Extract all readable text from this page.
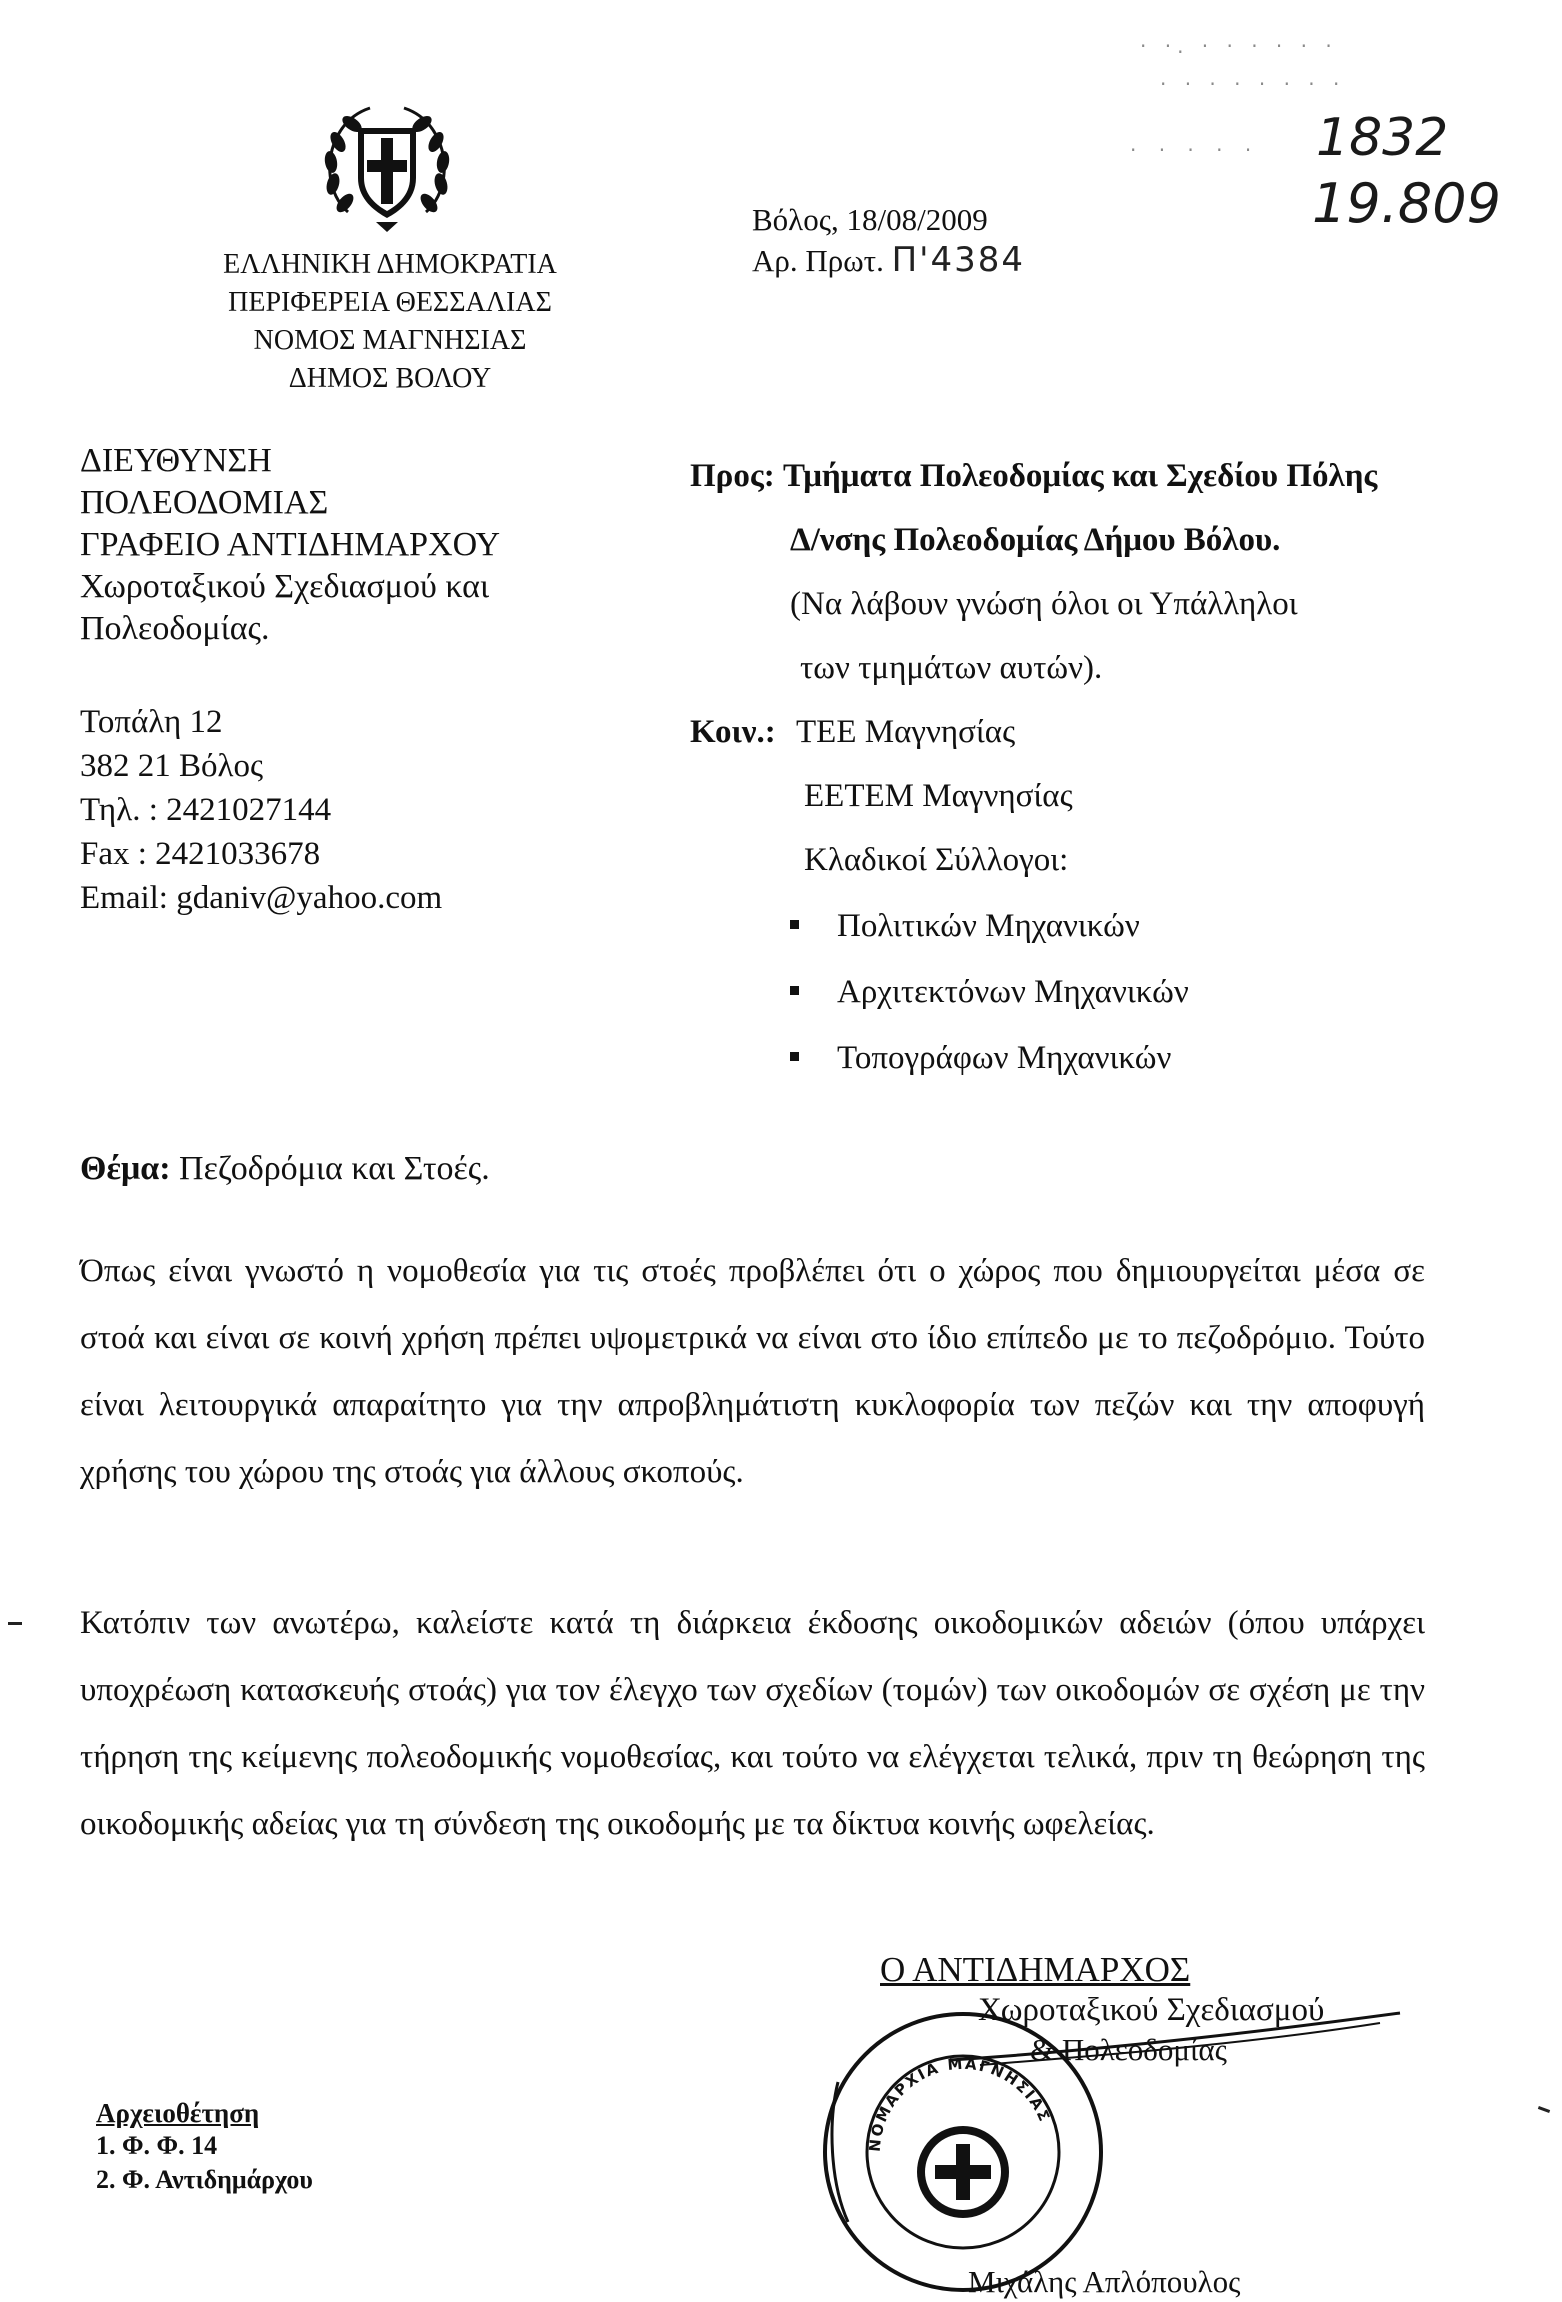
ΕΛΛΗΝΙΚΗ ΔΗΜΟΚΡΑΤΙΑ
ΠΕΡΙΦΕΡΕΙΑ ΘΕΣΣΑΛΙΑΣ
ΝΟΜΟΣ ΜΑΓΝΗΣΙΑΣ
ΔΗΜΟΣ ΒΟΛΟΥ
Βόλος, 18/08/2009
Αρ. Πρωτ. Π'4384
· ·. · · · · · ·
· · · · · · · ·
· · · · · 1832
19.809
ΔΙΕΥΘΥΝΣΗ
ΠΟΛΕΟΔΟΜΙΑΣ
ΓΡΑΦΕΙΟ ΑΝΤΙΔΗΜΑΡΧΟΥ
Χωροταξικού Σχεδιασμού και
Πολεοδομίας.
Τοπάλη 12
382 21 Βόλος
Τηλ. : 2421027144
Fax : 2421033678
Email: gdaniv@yahoo.com
Προς: Τμήματα Πολεοδομίας και Σχεδίου Πόλης
Δ/νσης Πολεοδομίας Δήμου Βόλου.
(Να λάβουν γνώση όλοι οι Υπάλληλοι
των τμημάτων αυτών).
Κοιν.: ΤΕΕ Μαγνησίας
ΕΕΤΕΜ Μαγνησίας
Κλαδικοί Σύλλογοι:
Πολιτικών Μηχανικών
Αρχιτεκτόνων Μηχανικών
Τοπογράφων Μηχανικών
Θέμα: Πεζοδρόμια και Στοές.
Όπως είναι γνωστό η νομοθεσία για τις στοές προβλέπει ότι ο χώρος που δημιουργείται μέσα σε στοά και είναι σε κοινή χρήση πρέπει υψομετρικά να είναι στο ίδιο επίπεδο με το πεζοδρόμιο. Τούτο είναι λειτουργικά απαραίτητο για την απροβλημάτιστη κυκλοφορία των πεζών και την αποφυγή χρήσης του χώρου της στοάς για άλλους σκοπούς.
Κατόπιν των ανωτέρω, καλείστε κατά τη διάρκεια έκδοσης οικοδομικών αδειών (όπου υπάρχει υποχρέωση κατασκευής στοάς) για τον έλεγχο των σχεδίων (τομών) των οικοδομών σε σχέση με την τήρηση της κείμενης πολεοδομικής νομοθεσίας, και τούτο να ελέγχεται τελικά, πριν τη θεώρηση της οικοδομικής αδείας για τη σύνδεση της οικοδομής με τα δίκτυα κοινής ωφελείας.
Ο ΑΝΤΙΔΗΜΑΡΧΟΣ
Χωροταξικού Σχεδιασμού
& Πολεοδομίας
ΝΟΜΑΡΧΙΑ ΜΑΓΝΗΣΙΑΣ
Μιχάλης Απλόπουλος
Αρχειοθέτηση
1. Φ. Φ. 14
2. Φ. Αντιδημάρχου
